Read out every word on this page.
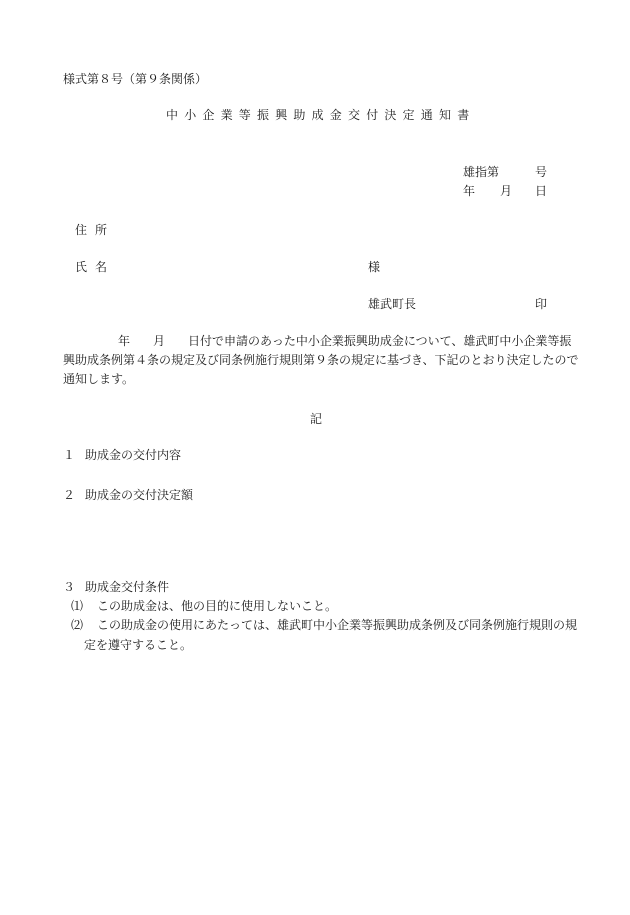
様式第８号（第９条関係）
中小企業等振興助成金交付決定通知書
雄指第	号
年 月 日
住所
氏名	様
雄武町長	印
年 月 日付で申請のあった中小企業振興助成金について、雄武町中小企業等振
興助成条例第４条の規定及び同条例施行規則第９条の規定に基づき、下記のとおり決定したので
通知します。
記
１ 助成金の交付内容
２ 助成金の交付決定額
３ 助成金交付条件
⑴ この助成金は、他の目的に使用しないこと。
⑵ この助成金の使用にあたっては、雄武町中小企業等振興助成条例及び同条例施行規則の規
定を遵守すること。
